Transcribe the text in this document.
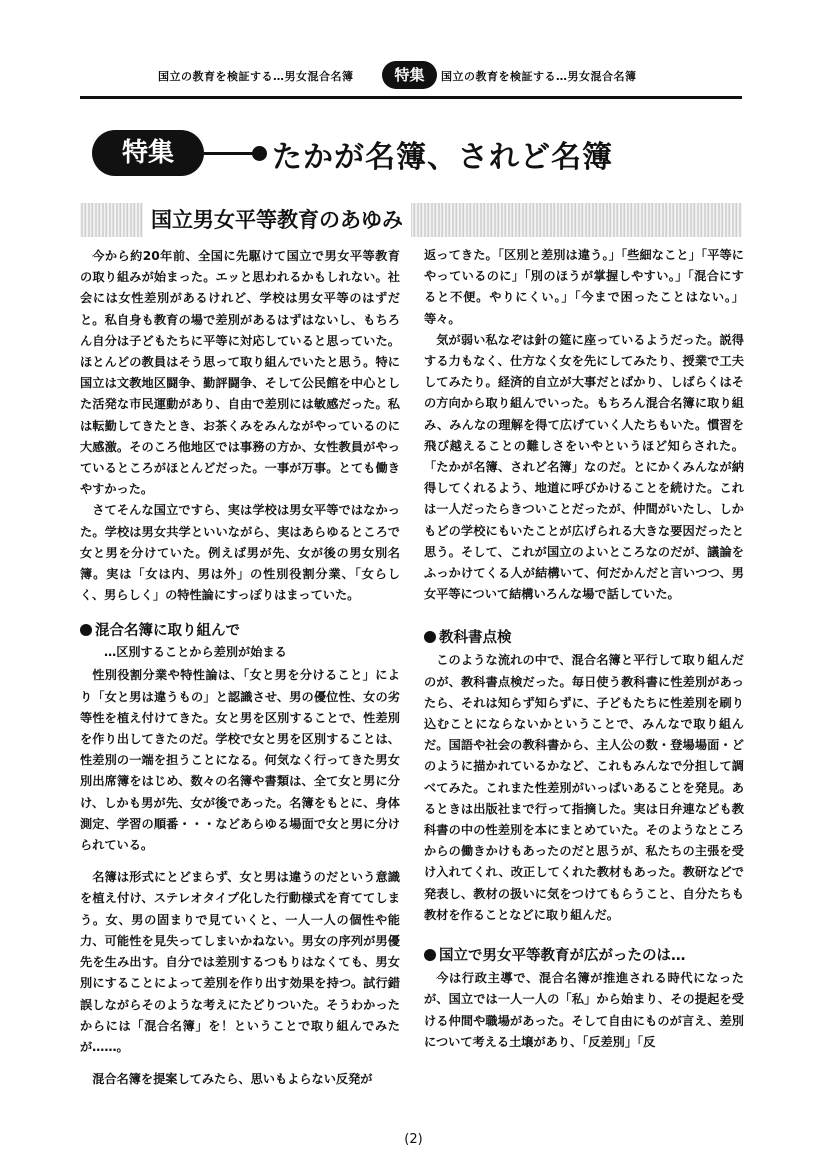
国立の教育を検証する…男女混合名簿	特集	国立の教育を検証する…男女混合名簿
特集	たかが名簿、されど名簿
国立男女平等教育のあゆみ

今から約20年前、全国に先駆けて国立で男女平等教育の取り組みが始まった。エッと思われるかもしれない。社会には女性差別があるけれど、学校は男女平等のはずだと。私自身も教育の場で差別があるはずはないし、もちろん自分は子どもたちに平等に対応していると思っていた。ほとんどの教員はそう思って取り組んでいたと思う。特に国立は文教地区闘争、勤評闘争、そして公民館を中心とした活発な市民運動があり、自由で差別には敏感だった。私は転勤してきたとき、お茶くみをみんながやっているのに大感激。そのころ他地区では事務の方か、女性教員がやっているところがほとんどだった。一事が万事。とても働きやすかった。

さてそんな国立ですら、実は学校は男女平等ではなかった。学校は男女共学といいながら、実はあらゆるところで女と男を分けていた。例えば男が先、女が後の男女別名簿。実は「女は内、男は外」の性別役割分業、「女らしく、男らしく」の特性論にすっぽりはまっていた。

混合名簿に取り組んで
…区別することから差別が始まる

性別役割分業や特性論は、「女と男を分けること」により「女と男は違うもの」と認識させ、男の優位性、女の劣等性を植え付けてきた。女と男を区別することで、性差別を作り出してきたのだ。学校で女と男を区別することは、性差別の一端を担うことになる。何気なく行ってきた男女別出席簿をはじめ、数々の名簿や書類は、全て女と男に分け、しかも男が先、女が後であった。名簿をもとに、身体測定、学習の順番・・・などあらゆる場面で女と男に分けられている。

名簿は形式にとどまらず、女と男は違うのだという意識を植え付け、ステレオタイプ化した行動様式を育ててしまう。女、男の固まりで見ていくと、一人一人の個性や能力、可能性を見失ってしまいかねない。男女の序列が男優先を生み出す。自分では差別するつもりはなくても、男女別にすることによって差別を作り出す効果を持つ。試行錯誤しながらそのような考えにたどりついた。そうわかったからには「混合名簿」を！ということで取り組んでみたが……。

混合名簿を提案してみたら、思いもよらない反発が

返ってきた。「区別と差別は違う。」「些細なこと」「平等にやっているのに」「別のほうが掌握しやすい。」「混合にすると不便。やりにくい。」「今まで困ったことはない。」等々。

気が弱い私なぞは針の筵に座っているようだった。説得する力もなく、仕方なく女を先にしてみたり、授業で工夫してみたり。経済的自立が大事だとばかり、しばらくはその方向から取り組んでいった。もちろん混合名簿に取り組み、みんなの理解を得て広げていく人たちもいた。慣習を飛び越えることの難しさをいやというほど知らされた。「たかが名簿、されど名簿」なのだ。とにかくみんなが納得してくれるよう、地道に呼びかけることを続けた。これは一人だったらきついことだったが、仲間がいたし、しかもどの学校にもいたことが広げられる大きな要因だったと思う。そして、これが国立のよいところなのだが、議論をふっかけてくる人が結構いて、何だかんだと言いつつ、男女平等について結構いろんな場で話していた。

教科書点検

このような流れの中で、混合名簿と平行して取り組んだのが、教科書点検だった。毎日使う教科書に性差別があったら、それは知らず知らずに、子どもたちに性差別を刷り込むことにならないかということで、みんなで取り組んだ。国語や社会の教科書から、主人公の数・登場場面・どのように描かれているかなど、これもみんなで分担して調べてみた。これまた性差別がいっぱいあることを発見。あるときは出版社まで行って指摘した。実は日弁連なども教科書の中の性差別を本にまとめていた。そのようなところからの働きかけもあったのだと思うが、私たちの主張を受け入れてくれ、改正してくれた教材もあった。教研などで発表し、教材の扱いに気をつけてもらうこと、自分たちも教材を作ることなどに取り組んだ。

国立で男女平等教育が広がったのは…

今は行政主導で、混合名簿が推進される時代になったが、国立では一人一人の「私」から始まり、その提起を受ける仲間や職場があった。そして自由にものが言え、差別について考える土壌があり、「反差別」「反

(2)
